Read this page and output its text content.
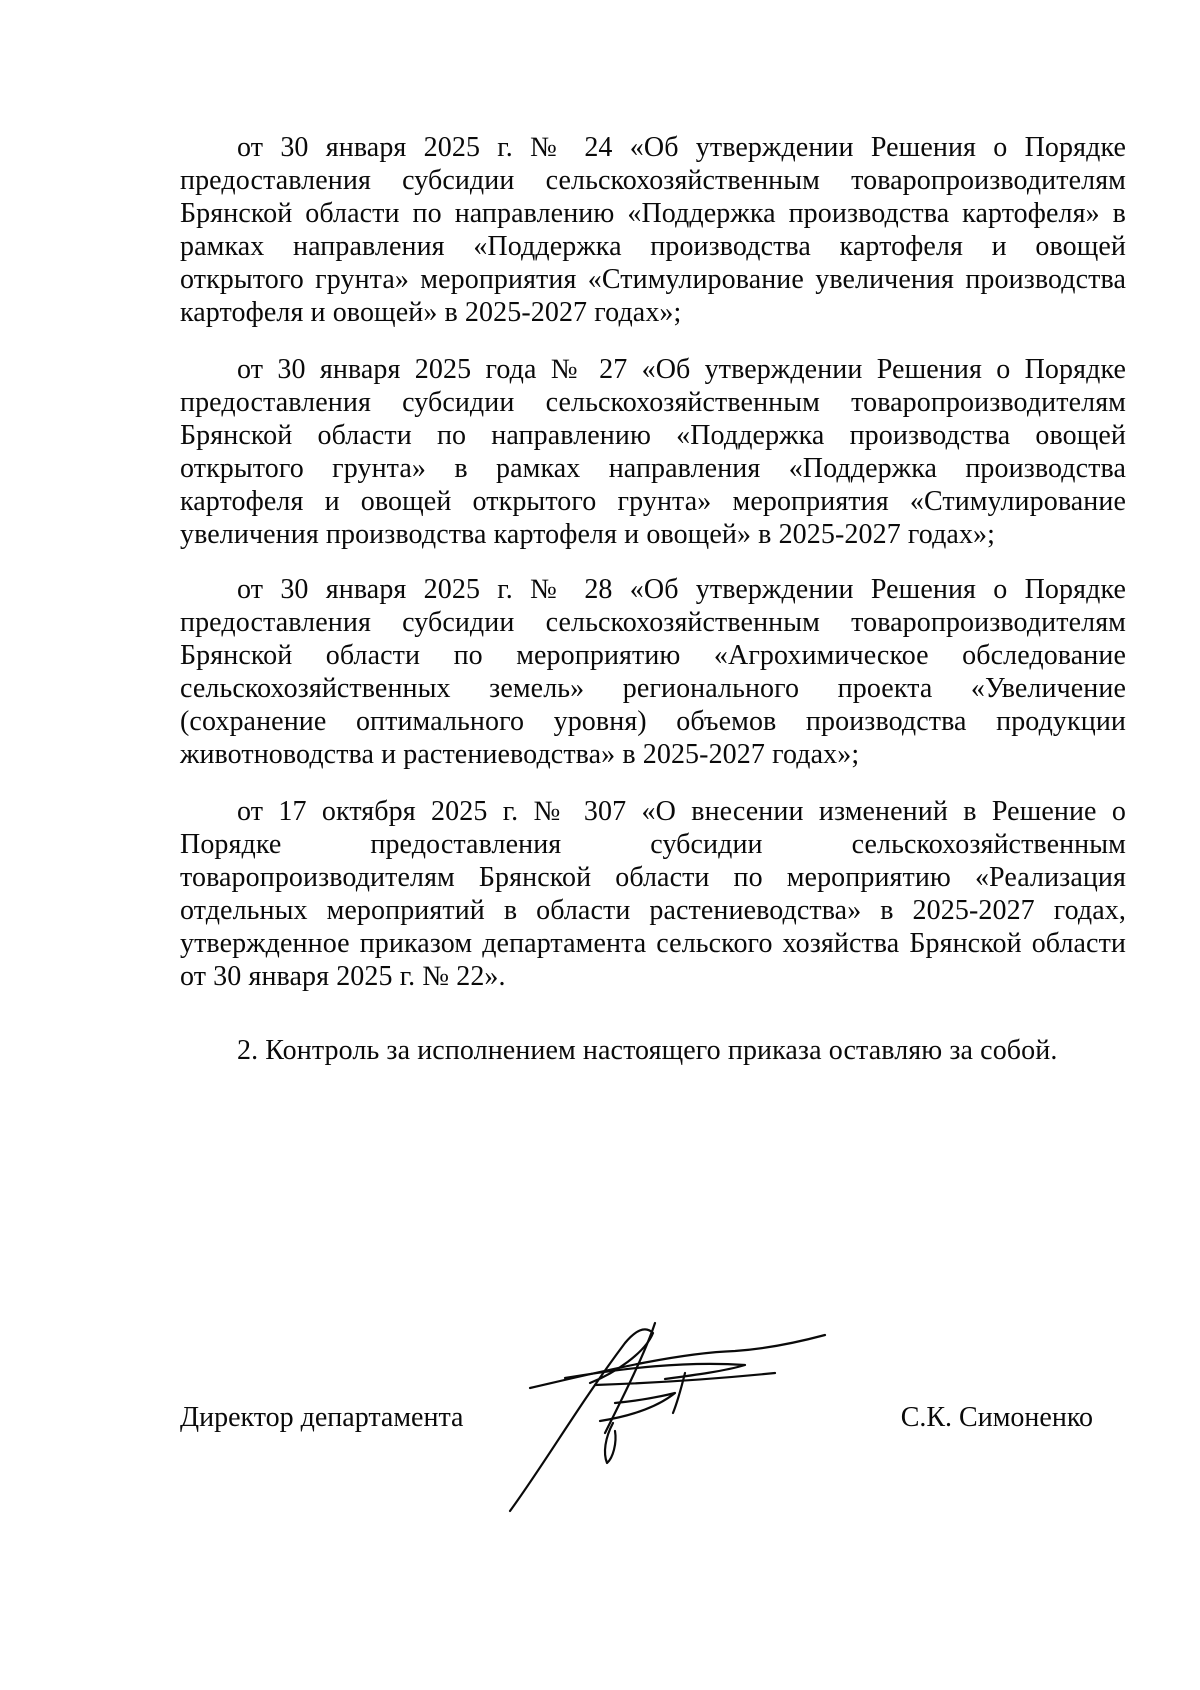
от 30 января 2025 г. № 24 «Об утверждении Решения о Порядке предоставления субсидии сельскохозяйственным товаропроизводителям Брянской области по направлению «Поддержка производства картофеля» в рамках направления «Поддержка производства картофеля и овощей открытого грунта» мероприятия «Стимулирование увеличения производства картофеля и овощей» в 2025-2027 годах»;

от 30 января 2025 года № 27 «Об утверждении Решения о Порядке предоставления субсидии сельскохозяйственным товаропроизводителям Брянской области по направлению «Поддержка производства овощей открытого грунта» в рамках направления «Поддержка производства картофеля и овощей открытого грунта» мероприятия «Стимулирование увеличения производства картофеля и овощей» в 2025-2027 годах»;

от 30 января 2025 г. № 28 «Об утверждении Решения о Порядке предоставления субсидии сельскохозяйственным товаропроизводителям Брянской области по мероприятию «Агрохимическое обследование сельскохозяйственных земель» регионального проекта «Увеличение (сохранение оптимального уровня) объемов производства продукции животноводства и растениеводства» в 2025-2027 годах»;

от 17 октября 2025 г. № 307 «О внесении изменений в Решение о Порядке предоставления субсидии сельскохозяйственным товаропроизводителям Брянской области по мероприятию «Реализация отдельных мероприятий в области растениеводства» в 2025-2027 годах, утвержденное приказом департамента сельского хозяйства Брянской области от 30 января 2025 г. № 22».

2. Контроль за исполнением настоящего приказа оставляю за собой.

Директор департамента	С.К. Симоненко
